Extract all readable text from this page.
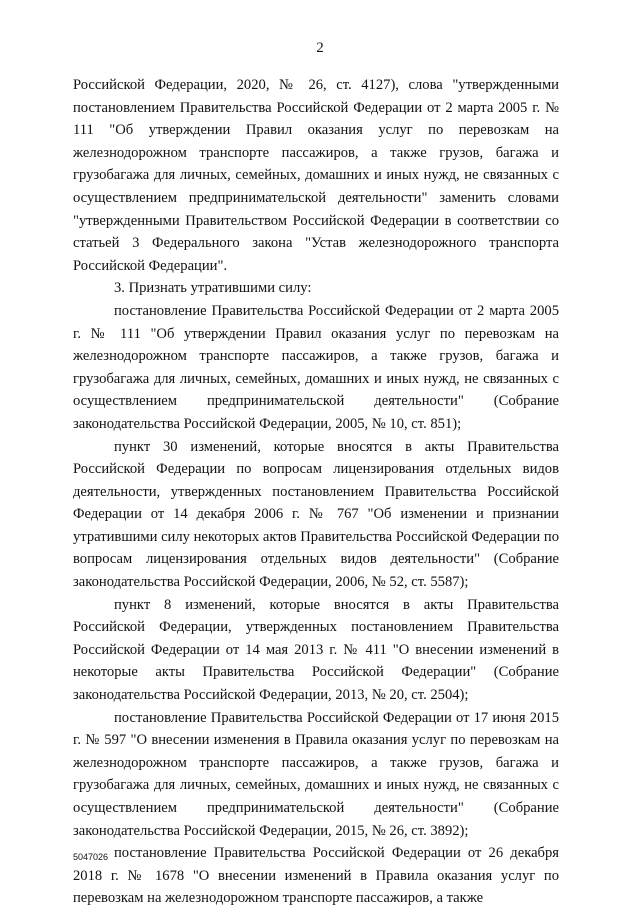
2

Российской Федерации, 2020, № 26, ст. 4127), слова "утвержденными постановлением Правительства Российской Федерации от 2 марта 2005 г. № 111 "Об утверждении Правил оказания услуг по перевозкам на железнодорожном транспорте пассажиров, а также грузов, багажа и грузобагажа для личных, семейных, домашних и иных нужд, не связанных с осуществлением предпринимательской деятельности" заменить словами "утвержденными Правительством Российской Федерации в соответствии со статьей 3 Федерального закона "Устав железнодорожного транспорта Российской Федерации".

3. Признать утратившими силу:

постановление Правительства Российской Федерации от 2 марта 2005 г. № 111 "Об утверждении Правил оказания услуг по перевозкам на железнодорожном транспорте пассажиров, а также грузов, багажа и грузобагажа для личных, семейных, домашних и иных нужд, не связанных с осуществлением предпринимательской деятельности" (Собрание законодательства Российской Федерации, 2005, № 10, ст. 851);

пункт 30 изменений, которые вносятся в акты Правительства Российской Федерации по вопросам лицензирования отдельных видов деятельности, утвержденных постановлением Правительства Российской Федерации от 14 декабря 2006 г. № 767 "Об изменении и признании утратившими силу некоторых актов Правительства Российской Федерации по вопросам лицензирования отдельных видов деятельности" (Собрание законодательства Российской Федерации, 2006, № 52, ст. 5587);

пункт 8 изменений, которые вносятся в акты Правительства Российской Федерации, утвержденных постановлением Правительства Российской Федерации от 14 мая 2013 г. № 411 "О внесении изменений в некоторые акты Правительства Российской Федерации" (Собрание законодательства Российской Федерации, 2013, № 20, ст. 2504);

постановление Правительства Российской Федерации от 17 июня 2015 г. № 597 "О внесении изменения в Правила оказания услуг по перевозкам на железнодорожном транспорте пассажиров, а также грузов, багажа и грузобагажа для личных, семейных, домашних и иных нужд, не связанных с осуществлением предпринимательской деятельности" (Собрание законодательства Российской Федерации, 2015, № 26, ст. 3892);

постановление Правительства Российской Федерации от 26 декабря 2018 г. № 1678 "О внесении изменений в Правила оказания услуг по перевозкам на железнодорожном транспорте пассажиров, а также

5047026
